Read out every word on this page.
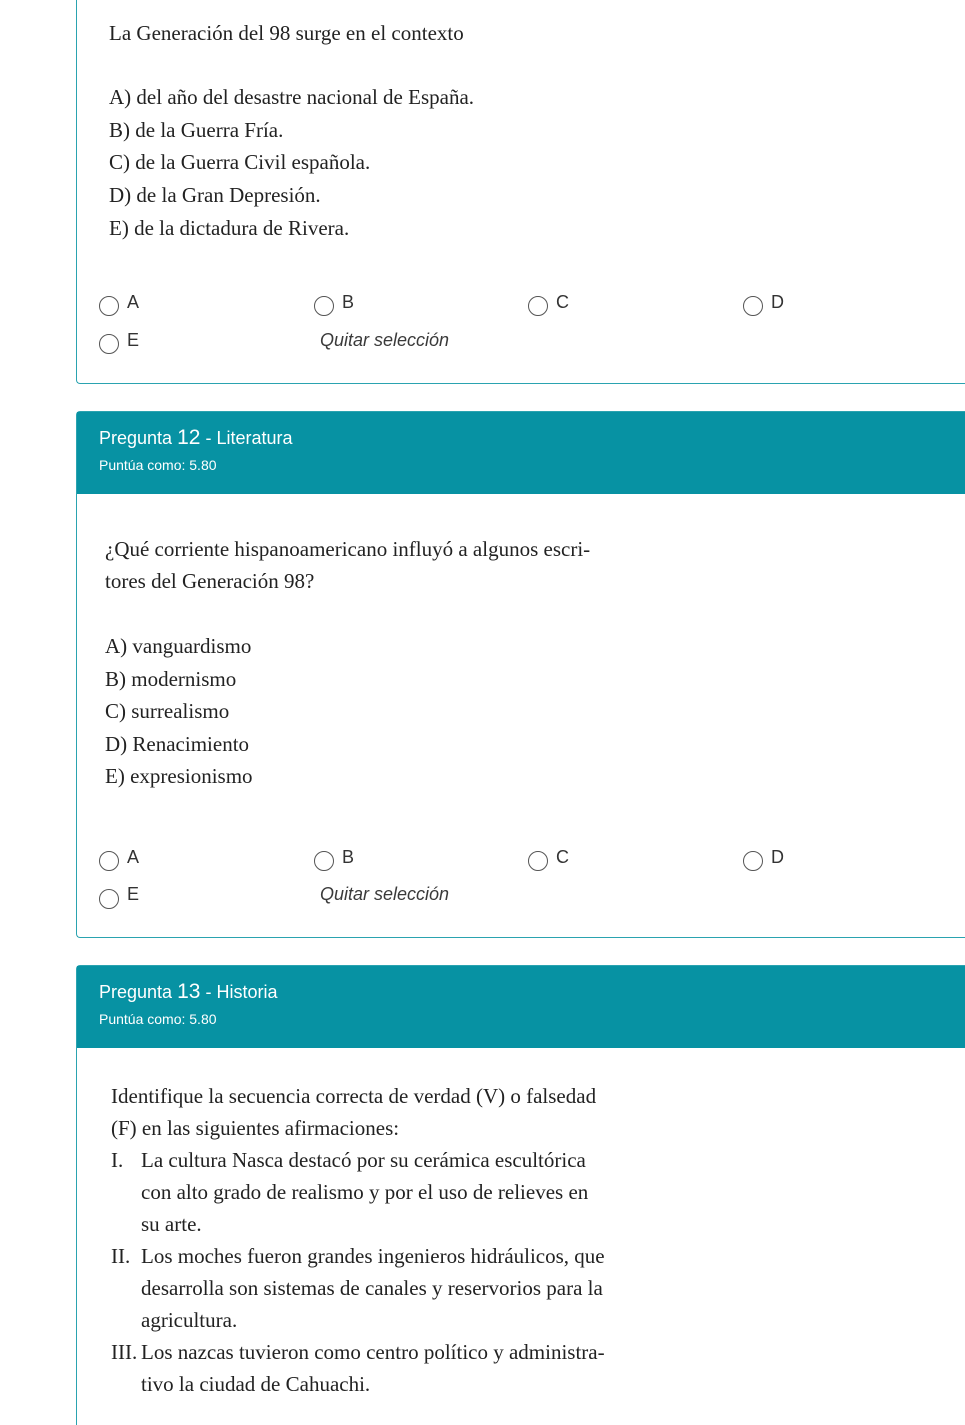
La Generación del 98 surge en el contexto
A) del año del desastre nacional de España.
B) de la Guerra Fría.
C) de la Guerra Civil española.
D) de la Gran Depresión.
E) de la dictadura de Rivera.
A	B	C	D
E	Quitar selección
Pregunta 12 - Literatura
Puntúa como: 5.80
¿Qué corriente hispanoamericano influyó a algunos escri-
tores del Generación 98?
A) vanguardismo
B) modernismo
C) surrealismo
D) Renacimiento
E) expresionismo
A	B	C	D
E	Quitar selección
Pregunta 13 - Historia
Puntúa como: 5.80
Identifique la secuencia correcta de verdad (V) o falsedad
(F) en las siguientes afirmaciones:
I. La cultura Nasca destacó por su cerámica escultórica
con alto grado de realismo y por el uso de relieves en
su arte.
II. Los moches fueron grandes ingenieros hidráulicos, que
desarrolla son sistemas de canales y reservorios para la
agricultura.
III. Los nazcas tuvieron como centro político y administra-
tivo la ciudad de Cahuachi.
